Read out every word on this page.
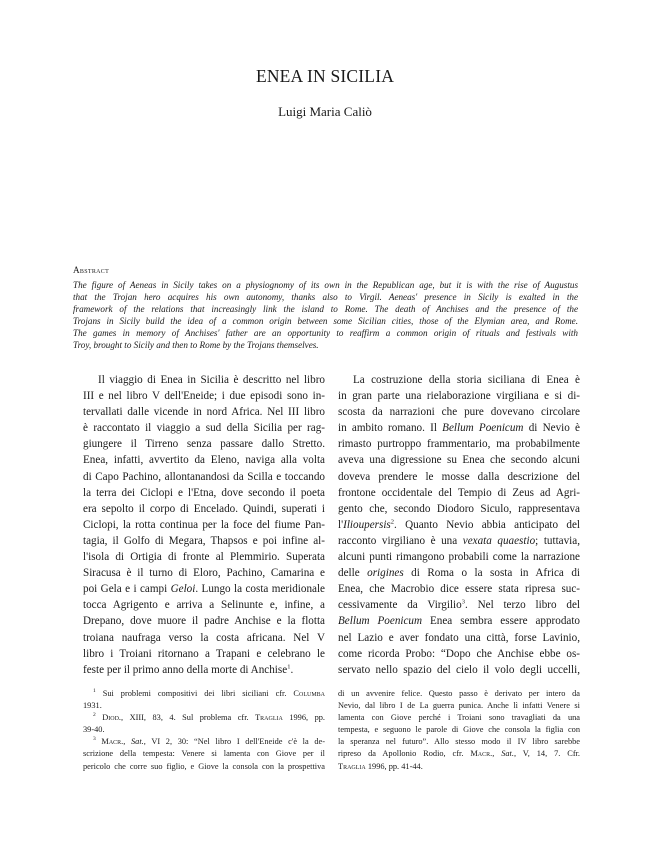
ENEA IN SICILIA
Luigi Maria Caliò
Abstract
The figure of Aeneas in Sicily takes on a physiognomy of its own in the Republican age, but it is with the rise of Augustus
that the Trojan hero acquires his own autonomy, thanks also to Virgil. Aeneas' presence in Sicily is exalted in the
framework of the relations that increasingly link the island to Rome. The death of Anchises and the presence of the
Trojans in Sicily build the idea of a common origin between some Sicilian cities, those of the Elymian area, and Rome.
The games in memory of Anchises' father are an opportunity to reaffirm a common origin of rituals and festivals with
Troy, brought to Sicily and then to Rome by the Trojans themselves.
Il viaggio di Enea in Sicilia è descritto nel libro
III e nel libro V dell'Eneide; i due episodi sono in-
tervallati dalle vicende in nord Africa. Nel III libro
è raccontato il viaggio a sud della Sicilia per rag-
giungere il Tirreno senza passare dallo Stretto.
Enea, infatti, avvertito da Eleno, naviga alla volta
di Capo Pachino, allontanandosi da Scilla e toccando
la terra dei Ciclopi e l'Etna, dove secondo il poeta
era sepolto il corpo di Encelado. Quindi, superati i
Ciclopi, la rotta continua per la foce del fiume Pan-
tagia, il Golfo di Megara, Thapsos e poi infine al-
l'isola di Ortigia di fronte al Plemmirio. Superata
Siracusa è il turno di Eloro, Pachino, Camarina e
poi Gela e i campi Geloi. Lungo la costa meridionale
tocca Agrigento e arriva a Selinunte e, infine, a
Drepano, dove muore il padre Anchise e la flotta
troiana naufraga verso la costa africana. Nel V
libro i Troiani ritornano a Trapani e celebrano le
feste per il primo anno della morte di Anchise$^1$.
La costruzione della storia siciliana di Enea è
in gran parte una rielaborazione virgiliana e si di-
scosta da narrazioni che pure dovevano circolare
in ambito romano. Il Bellum Poenicum di Nevio è
rimasto purtroppo frammentario, ma probabilmente
aveva una digressione su Enea che secondo alcuni
doveva prendere le mosse dalla descrizione del
frontone occidentale del Tempio di Zeus ad Agri-
gento che, secondo Diodoro Siculo, rappresentava
l'Ilioupersis$^2$. Quanto Nevio abbia anticipato del
racconto virgiliano è una vexata quaestio; tuttavia,
alcuni punti rimangono probabili come la narrazione
delle origines di Roma o la sosta in Africa di
Enea, che Macrobio dice essere stata ripresa suc-
cessivamente da Virgilio$^3$. Nel terzo libro del
Bellum Poenicum Enea sembra essere approdato
nel Lazio e aver fondato una città, forse Lavinio,
come ricorda Probo: “Dopo che Anchise ebbe os-
servato nello spazio del cielo il volo degli uccelli,
$^1$ Sui problemi compositivi dei libri siciliani cfr. Columba
1931.
$^2$ Diod., XIII, 83, 4. Sul problema cfr. Traglia 1996, pp.
39-40.
$^3$ Macr., Sat., VI 2, 30: “Nel libro I dell'Eneide c'è la de-
scrizione della tempesta: Venere si lamenta con Giove per il
pericolo che corre suo figlio, e Giove la consola con la prospettiva
di un avvenire felice. Questo passo è derivato per intero da
Nevio, dal libro I de La guerra punica. Anche lì infatti Venere si
lamenta con Giove perché i Troiani sono travagliati da una
tempesta, e seguono le parole di Giove che consola la figlia con
la speranza nel futuro”. Allo stesso modo il IV libro sarebbe
ripreso da Apollonio Rodio, cfr. Macr., Sat., V, 14, 7. Cfr.
Traglia 1996, pp. 41-44.
